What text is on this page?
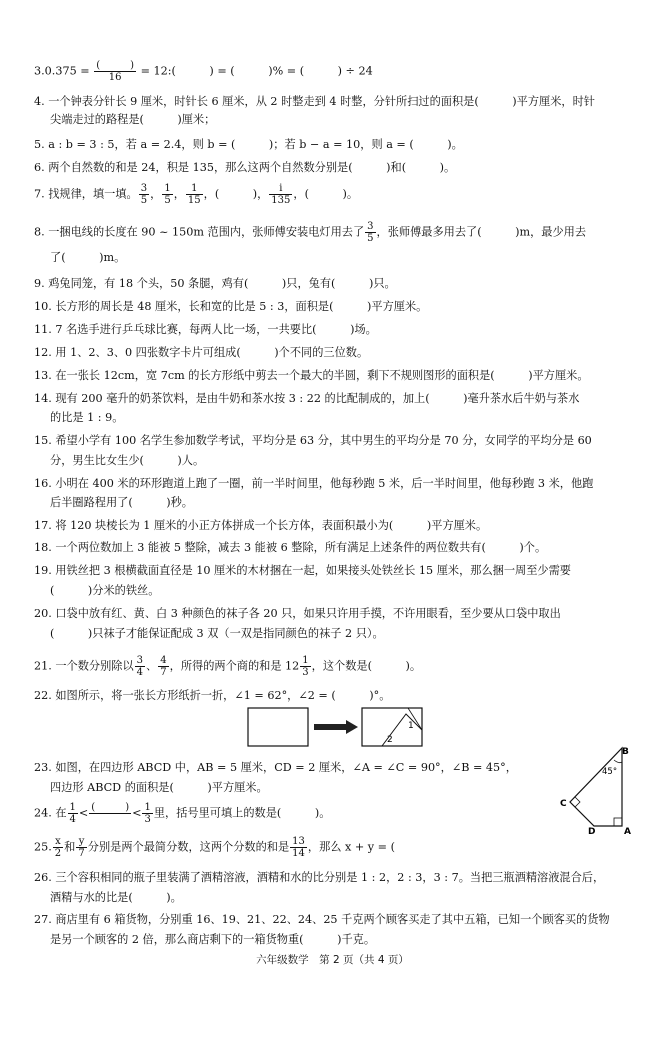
$3.0.375 = \frac{( )}{16}$ = 12:(　　　) = (　　　)% = (　　　) ÷ 24
4. 一个钟表分针长 9 厘米，时针长 6 厘米，从 2 时整走到 4 时整，分针所扫过的面积是(　　　)平方厘米，时针
尖端走过的路程是(　　　)厘米；
5. a : b = 3 : 5，若 a = 2.4，则 b = (　　　)；若 b − a = 10，则 a = (　　　)。
6. 两个自然数的和是 24，积是 135，那么这两个自然数分别是(　　　)和(　　　)。
7. 找规律，填一填。 $\frac{3}{5}$ ， $\frac{1}{5}$ ， $\frac{1}{15}$ ，(　　　)， $\frac{i}{135}$ ，(　　　)。
8. 一捆电线的长度在 90 ~ 150m 范围内，张师傅安装电灯用去了 $\frac{3}{5}$ ，张师傅最多用去了(　　　)m，最少用去
了(　　　)m。
9. 鸡兔同笼，有 18 个头，50 条腿，鸡有(　　　)只，兔有(　　　)只。
10. 长方形的周长是 48 厘米，长和宽的比是 5 : 3，面积是(　　　)平方厘米。
11. 7 名选手进行乒乓球比赛，每两人比一场，一共要比(　　　)场。
12. 用 1、2、3、0 四张数字卡片可组成(　　　)个不同的三位数。
13. 在一张长 12cm，宽 7cm 的长方形纸中剪去一个最大的半圆，剩下不规则图形的面积是(　　　)平方厘米。
14. 现有 200 毫升的奶茶饮料，是由牛奶和茶水按 3 : 22 的比配制成的，加上(　　　)毫升茶水后牛奶与茶水
的比是 1 : 9。
15. 希望小学有 100 名学生参加数学考试，平均分是 63 分，其中男生的平均分是 70 分，女同学的平均分是 60
分，男生比女生少(　　　)人。
16. 小明在 400 米的环形跑道上跑了一圈，前一半时间里，他每秒跑 5 米，后一半时间里，他每秒跑 3 米，他跑
后半圈路程用了(　　　)秒。
17. 将 120 块棱长为 1 厘米的小正方体拼成一个长方体，表面积最小为(　　　)平方厘米。
18. 一个两位数加上 3 能被 5 整除，减去 3 能被 6 整除，所有满足上述条件的两位数共有(　　　)个。
19. 用铁丝把 3 根横截面直径是 10 厘米的木材捆在一起，如果接头处铁丝长 15 厘米，那么捆一周至少需要
(　　　)分米的铁丝。
20. 口袋中放有红、黄、白 3 种颜色的袜子各 20 只，如果只许用手摸，不许用眼看，至少要从口袋中取出
(　　　)只袜子才能保证配成 3 双（一双是指同颜色的袜子 2 只）。
21. 一个数分别除以 $\frac{3}{4}$ 、 $\frac{4}{7}$ ，所得的两个商的和是 $12 \frac{1}{3}$ ，这个数是(　　　)。
22. 如图所示，将一张长方形纸折一折，∠1 = 62°，∠2 = (　　　)°。
2
1
23. 如图，在四边形 ABCD 中，AB = 5 厘米，CD = 2 厘米，∠A = ∠C = 90°，∠B = 45°，
四边形 ABCD 的面积是(　　　)平方厘米。
B
A
D
C
45°
24. 在 $\frac{1}{4}$ < (　　　)
< $\frac{1}{3}$ 里，括号里可填上的数是(　　　)。
25. $\frac{x}{2}$ 和 $\frac{y}{7}$ 分别是两个最简分数，这两个分数的和是 $\frac{13}{14}$ ，那么 x + y = (
26. 三个容积相同的瓶子里装满了酒精溶液，酒精和水的比分别是 1 : 2，2 : 3，3 : 7。当把三瓶酒精溶液混合后，
酒精与水的比是(　　　)。
27. 商店里有 6 箱货物，分别重 16、19、21、22、24、25 千克两个顾客买走了其中五箱，已知一个顾客买的货物
是另一个顾客的 2 倍，那么商店剩下的一箱货物重(　　　)千克。
六年级数学　第 2 页（共 4 页）
